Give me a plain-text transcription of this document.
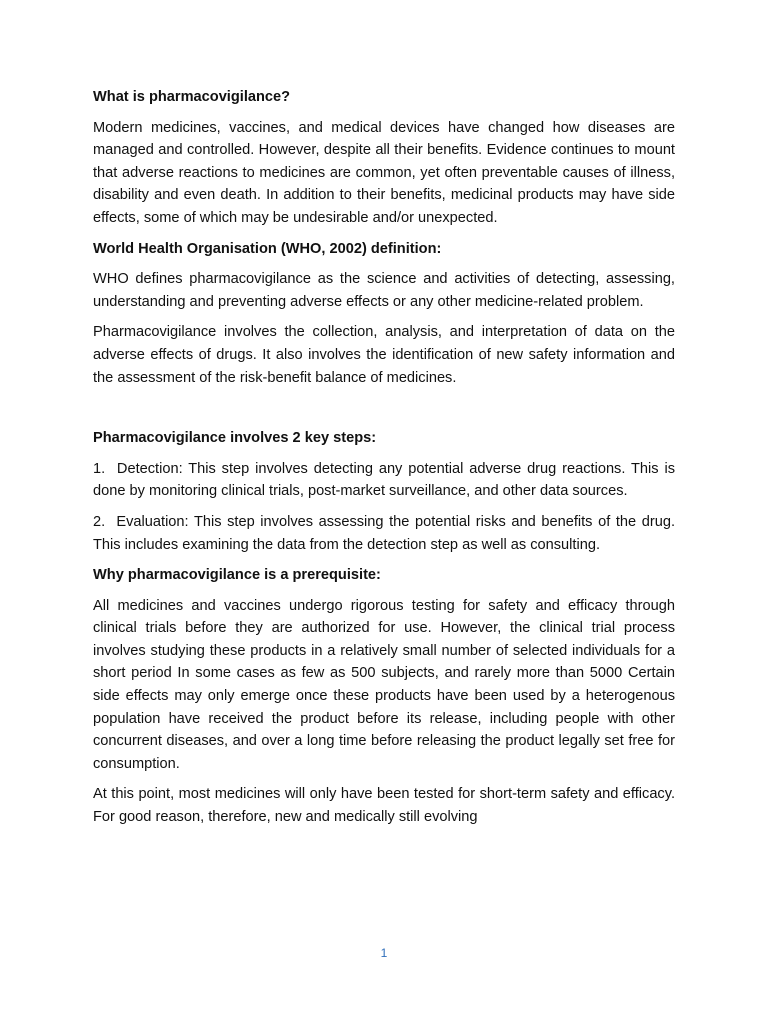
What is pharmacovigilance?

Modern medicines, vaccines, and medical devices have changed how diseases are managed and controlled. However, despite all their benefits. Evidence continues to mount that adverse reactions to medicines are common, yet often preventable causes of illness, disability and even death. In addition to their benefits, medicinal products may have side effects, some of which may be undesirable and/or unexpected.

World Health Organisation (WHO, 2002) definition:

WHO defines pharmacovigilance as the science and activities of detecting, assessing, understanding and preventing adverse effects or any other medicine-related problem.

Pharmacovigilance involves the collection, analysis, and interpretation of data on the adverse effects of drugs. It also involves the identification of new safety information and the assessment of the risk-benefit balance of medicines.

Pharmacovigilance involves 2 key steps:

1. Detection: This step involves detecting any potential adverse drug reactions. This is done by monitoring clinical trials, post-market surveillance, and other data sources.

2. Evaluation: This step involves assessing the potential risks and benefits of the drug. This includes examining the data from the detection step as well as consulting.

Why pharmacovigilance is a prerequisite:

All medicines and vaccines undergo rigorous testing for safety and efficacy through clinical trials before they are authorized for use. However, the clinical trial process involves studying these products in a relatively small number of selected individuals for a short period In some cases as few as 500 subjects, and rarely more than 5000 Certain side effects may only emerge once these products have been used by a heterogenous population have received the product before its release, including people with other concurrent diseases, and over a long time before releasing the product legally set free for consumption.

At this point, most medicines will only have been tested for short-term safety and efficacy. For good reason, therefore, new and medically still evolving

1
